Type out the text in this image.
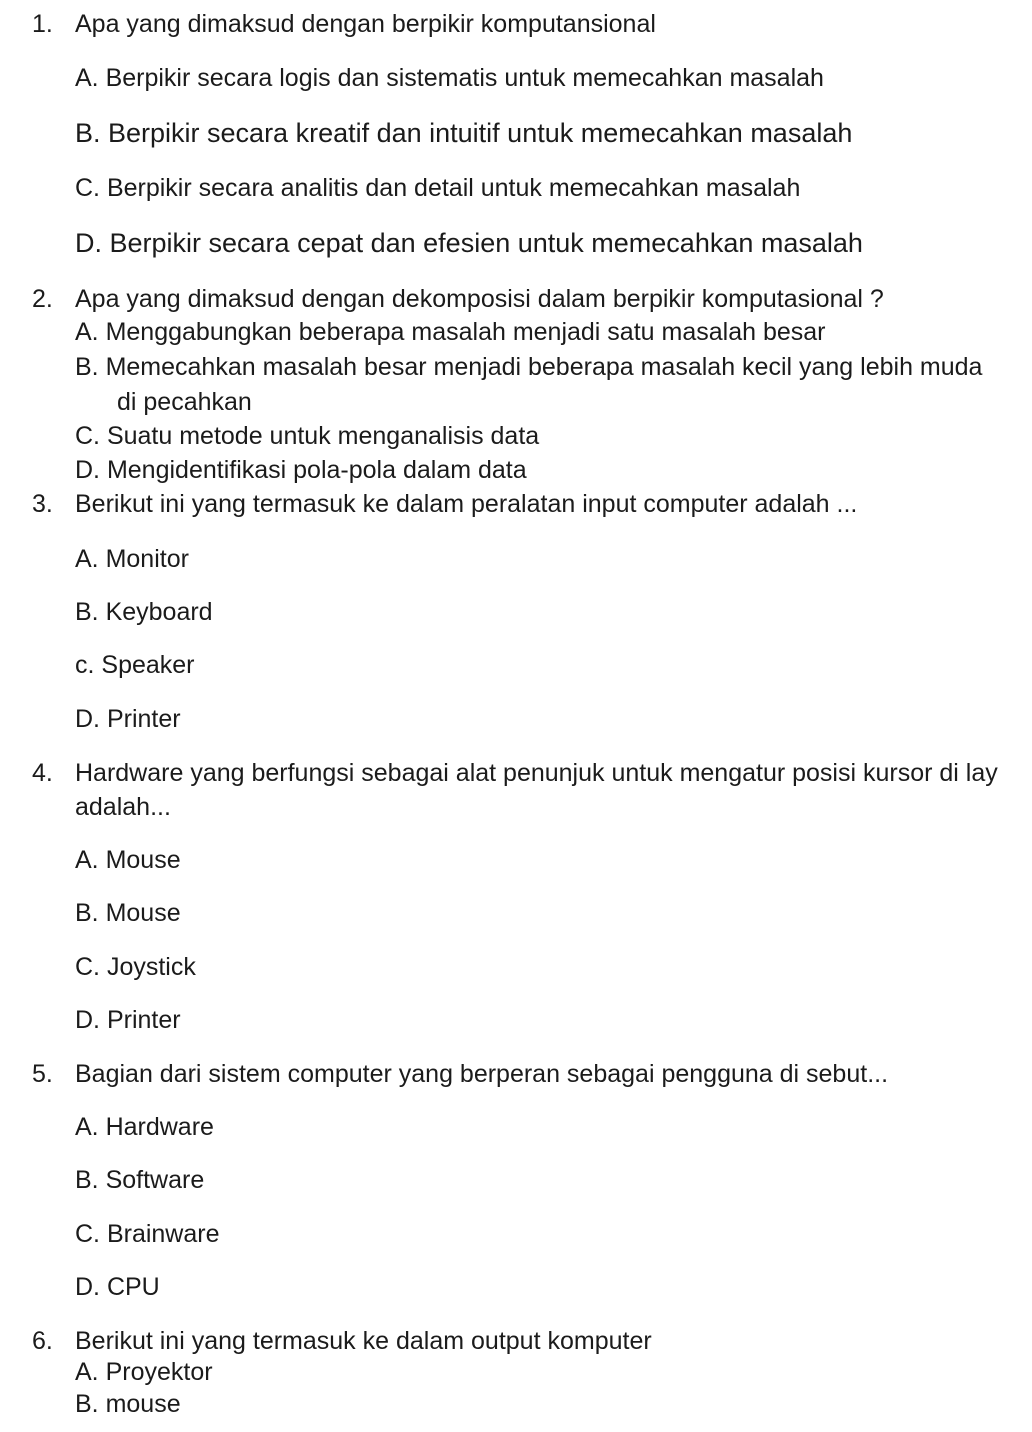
1. Apa yang dimaksud dengan berpikir komputansional
A. Berpikir secara logis dan sistematis untuk memecahkan masalah
B. Berpikir secara kreatif dan intuitif untuk memecahkan masalah
C. Berpikir secara analitis dan detail untuk memecahkan masalah
D. Berpikir secara cepat dan efesien untuk memecahkan masalah
2. Apa yang dimaksud dengan dekomposisi dalam berpikir komputasional ?
A. Menggabungkan beberapa masalah menjadi satu masalah besar
B. Memecahkan masalah besar menjadi beberapa masalah kecil yang lebih muda
di pecahkan
C. Suatu metode untuk menganalisis data
D. Mengidentifikasi pola-pola dalam data
3. Berikut ini yang termasuk ke dalam peralatan input computer adalah ...
A. Monitor
B. Keyboard
c. Speaker
D. Printer
4. Hardware yang berfungsi sebagai alat penunjuk untuk mengatur posisi kursor di lay
adalah...
A. Mouse
B. Mouse
C. Joystick
D. Printer
5. Bagian dari sistem computer yang berperan sebagai pengguna di sebut...
A. Hardware
B. Software
C. Brainware
D. CPU
6. Berikut ini yang termasuk ke dalam output komputer
A. Proyektor
B. mouse
